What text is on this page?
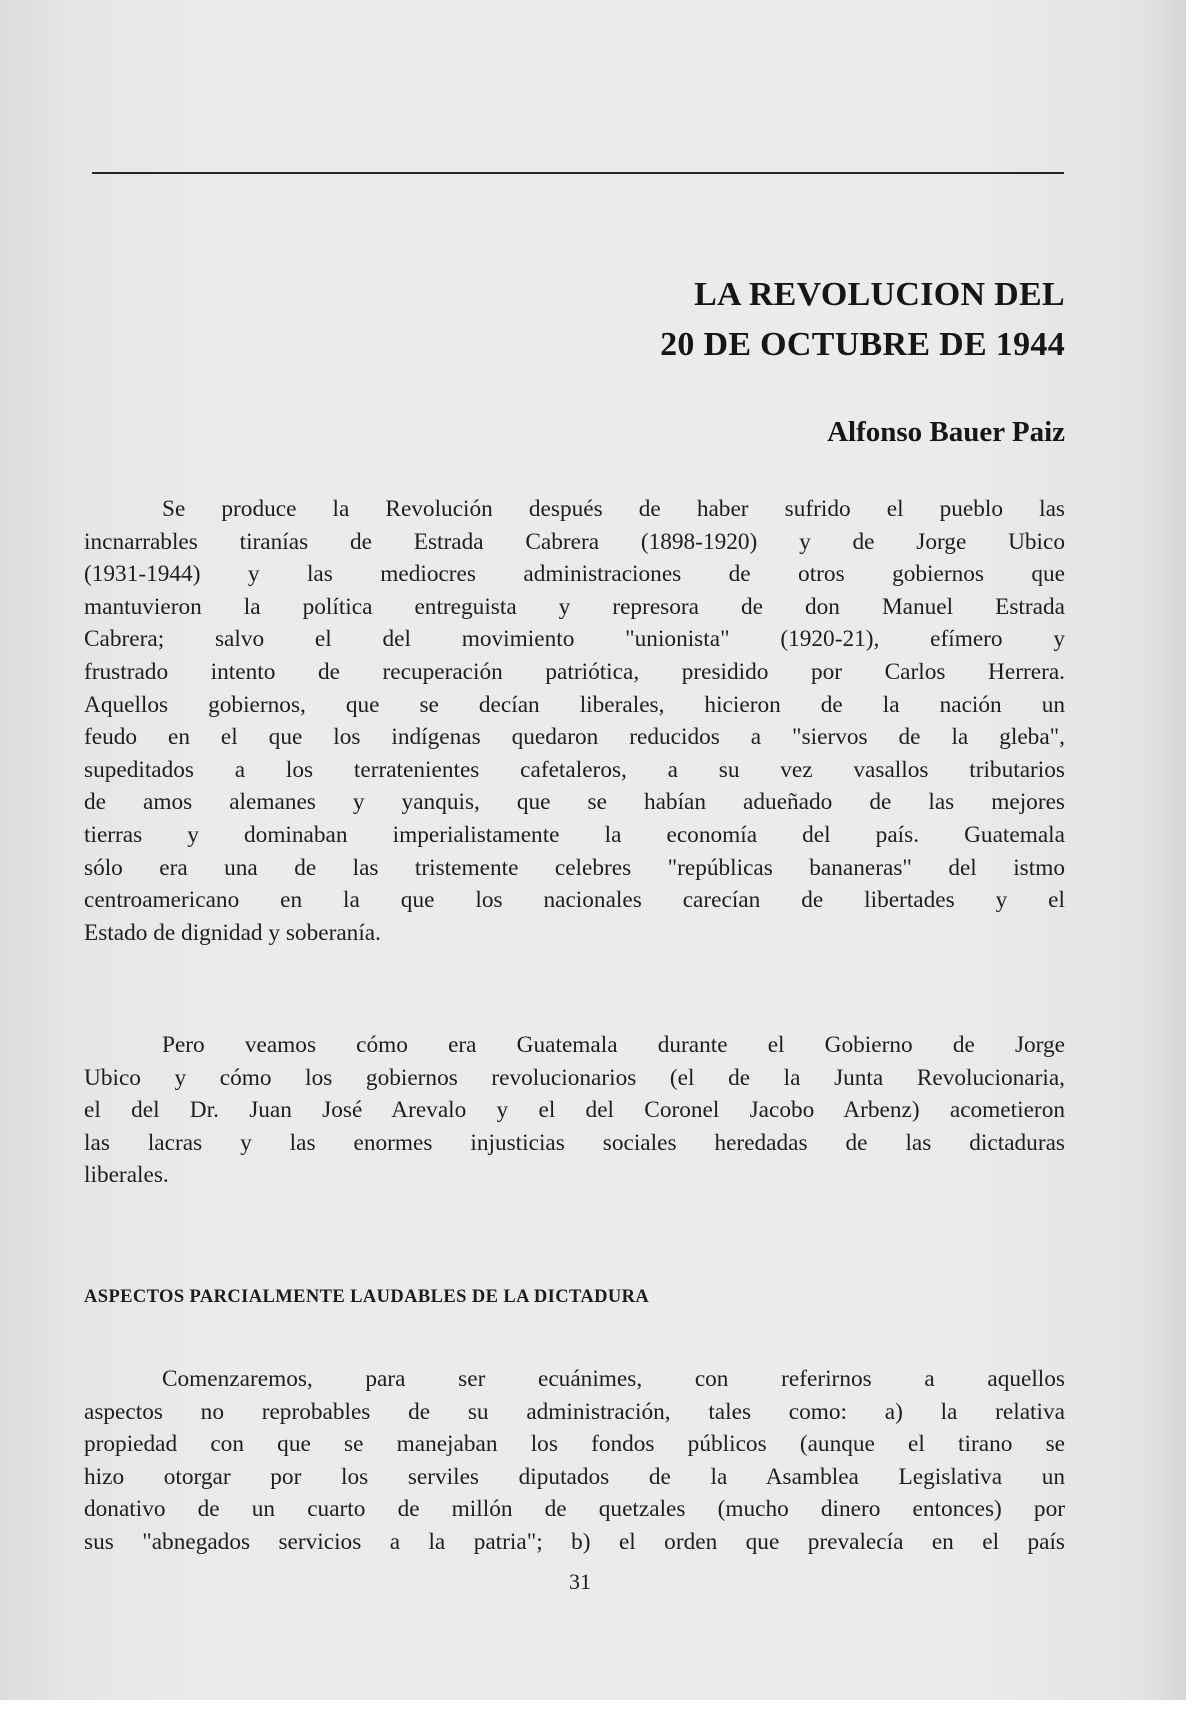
LA REVOLUCION DEL
20 DE OCTUBRE DE 1944
Alfonso Bauer Paiz
Se produce la Revolución después de haber sufrido el pueblo las
incnarrables tiranías de Estrada Cabrera (1898-1920) y de Jorge Ubico
(1931-1944) y las mediocres administraciones de otros gobiernos que
mantuvieron la política entreguista y represora de don Manuel Estrada
Cabrera; salvo el del movimiento "unionista" (1920-21), efímero y
frustrado intento de recuperación patriótica, presidido por Carlos Herrera.
Aquellos gobiernos, que se decían liberales, hicieron de la nación un
feudo en el que los indígenas quedaron reducidos a "siervos de la gleba",
supeditados a los terratenientes cafetaleros, a su vez vasallos tributarios
de amos alemanes y yanquis, que se habían adueñado de las mejores
tierras y dominaban imperialistamente la economía del país. Guatemala
sólo era una de las tristemente celebres "repúblicas bananeras" del istmo
centroamericano en la que los nacionales carecían de libertades y el
Estado de dignidad y soberanía.
Pero veamos cómo era Guatemala durante el Gobierno de Jorge
Ubico y cómo los gobiernos revolucionarios (el de la Junta Revolucionaria,
el del Dr. Juan José Arevalo y el del Coronel Jacobo Arbenz) acometieron
las lacras y las enormes injusticias sociales heredadas de las dictaduras
liberales.
ASPECTOS PARCIALMENTE LAUDABLES DE LA DICTADURA
Comenzaremos, para ser ecuánimes, con referirnos a aquellos
aspectos no reprobables de su administración, tales como: a) la relativa
propiedad con que se manejaban los fondos públicos (aunque el tirano se
hizo otorgar por los serviles diputados de la Asamblea Legislativa un
donativo de un cuarto de millón de quetzales (mucho dinero entonces) por
sus "abnegados servicios a la patria"; b) el orden que prevalecía en el país
31
